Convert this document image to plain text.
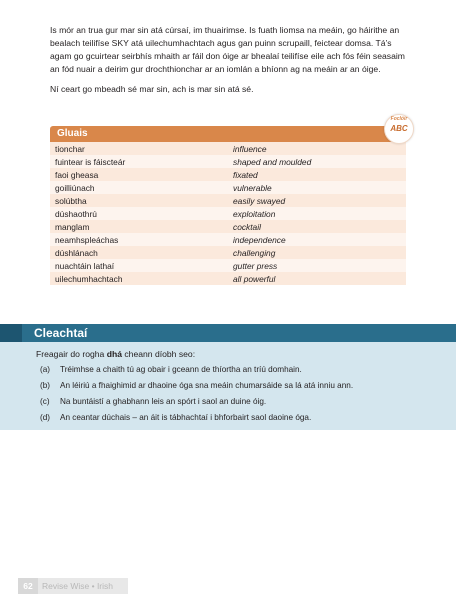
Is mór an trua gur mar sin atá cúrsaí, im thuairimse. Is fuath liomsa na meáin, go háirithe an bealach teilifíse SKY atá uilechumhachtach agus gan puinn scrupaill, feictear domsa. Tá’s agam go gcuirtear seirbhís mhaith ar fáil don óige ar bhealaí teilifíse eile ach fós féin seasaim an fód nuair a deirim gur drochthionchar ar an iomlán a bhíonn ag na meáin ar an óige.

Ní ceart go mbeadh sé mar sin, ach is mar sin atá sé.

Gluais
Foclóir
ABC
tionchar	influence
fuintear is fáiscteár	shaped and moulded
faoi gheasa	fixated
goilliúnach	vulnerable
solúbtha	easily swayed
dúshaothrú	exploitation
manglam	cocktail
neamhspleáchas	independence
dúshlánach	challenging
nuachtáin lathaí	gutter press
uilechumhachtach	all powerful
Cleachtaí
Freagair do rogha dhá cheann díobh seo:
(a)	Tréimhse a chaith tú ag obair i gceann de thíortha an tríú domhain.
(b)	An léiriú a fhaighimid ar dhaoine óga sna meáin chumarsáide sa lá atá inniu ann.
(c)	Na buntáistí a ghabhann leis an spórt i saol an duine óig.
(d)	An ceantar dúchais – an áit is tábhachtaí i bhforbairt saol daoine óga.
62	Revise Wise • Irish
